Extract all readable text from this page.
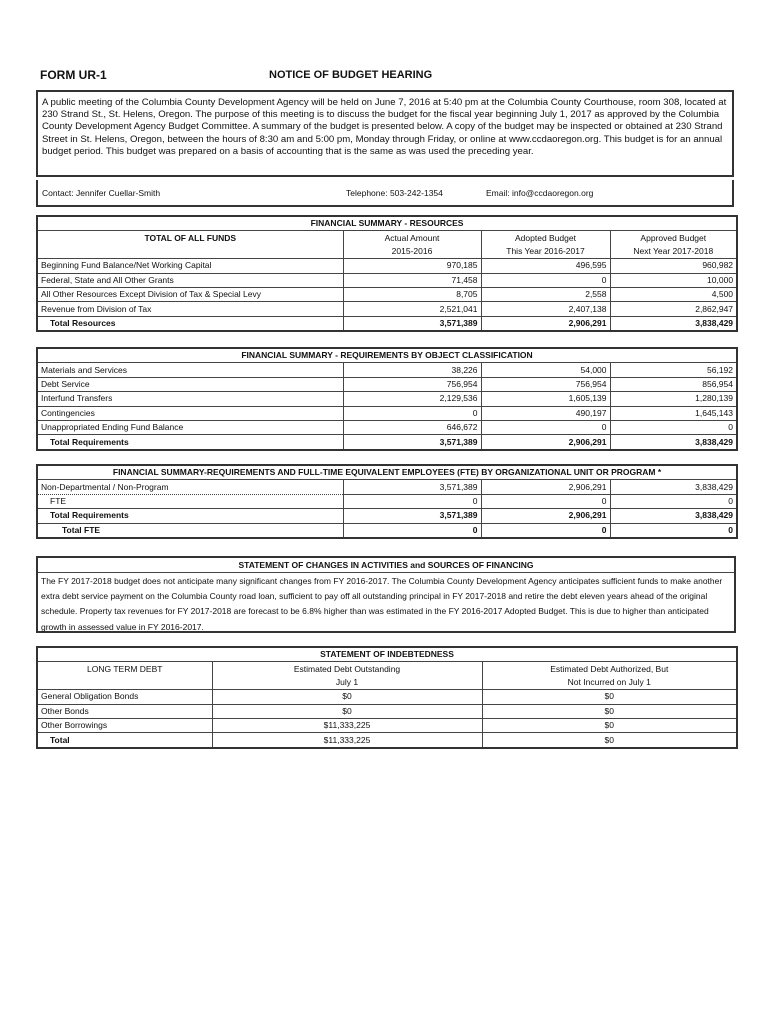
FORM UR-1	NOTICE OF BUDGET HEARING
A public meeting of the Columbia County Development Agency will be held on June 7, 2016 at 5:40 pm at the Columbia County Courthouse, room 308, located at 230 Strand St., St. Helens, Oregon. The purpose of this meeting is to discuss the budget for the fiscal year beginning July 1, 2017 as approved by the Columbia County Development Agency Budget Committee. A summary of the budget is presented below. A copy of the budget may be inspected or obtained at 230 Strand Street in St. Helens, Oregon, between the hours of 8:30 am and 5:00 pm, Monday through Friday, or online at www.ccdaoregon.org. This budget is for an annual budget period. This budget was prepared on a basis of accounting that is the same as was used the preceding year.
Contact: Jennifer Cuellar-Smith	Telephone: 503-242-1354	Email: info@ccdaoregon.org
FINANCIAL SUMMARY - RESOURCES			
TOTAL OF ALL FUNDS	Actual Amount	Adopted Budget	Approved Budget
	2015-2016	This Year 2016-2017	Next Year 2017-2018
Beginning Fund Balance/Net Working Capital	970,185	496,595	960,982
Federal, State and All Other Grants	71,458	0	10,000
All Other Resources Except Division of Tax & Special Levy	8,705	2,558	4,500
Revenue from Division of Tax	2,521,041	2,407,138	2,862,947
Total Resources	3,571,389	2,906,291	3,838,429
FINANCIAL SUMMARY - REQUIREMENTS BY OBJECT CLASSIFICATION			
Materials and Services	38,226	54,000	56,192
Debt Service	756,954	756,954	856,954
Interfund Transfers	2,129,536	1,605,139	1,280,139
Contingencies	0	490,197	1,645,143
Unappropriated Ending Fund Balance	646,672	0	0
Total Requirements	3,571,389	2,906,291	3,838,429
FINANCIAL SUMMARY-REQUIREMENTS AND FULL-TIME EQUIVALENT EMPLOYEES (FTE) BY ORGANIZATIONAL UNIT OR PROGRAM *			
Non-Departmental / Non-Program	3,571,389	2,906,291	3,838,429
FTE	0	0	0
Total Requirements	3,571,389	2,906,291	3,838,429
Total FTE	0	0	0
STATEMENT OF CHANGES IN ACTIVITIES and SOURCES OF FINANCING
The FY 2017-2018 budget does not anticipate many significant changes from FY 2016-2017. The Columbia County Development Agency anticipates sufficient funds to make another extra debt service payment on the Columbia County road loan, sufficient to pay off all outstanding principal in FY 2017-2018 and retire the debt eleven years ahead of the original schedule. Property tax revenues for FY 2017-2018 are forecast to be 6.8% higher than was estimated in the FY 2016-2017 Adopted Budget. This is due to higher than anticipated growth in assessed value in FY 2016-2017.
STATEMENT OF INDEBTEDNESS		
LONG TERM DEBT	Estimated Debt Outstanding	Estimated Debt Authorized, But
	July 1	Not Incurred on July 1
General Obligation Bonds	$0	$0
Other Bonds	$0	$0
Other Borrowings	$11,333,225	$0
Total	$11,333,225	$0
